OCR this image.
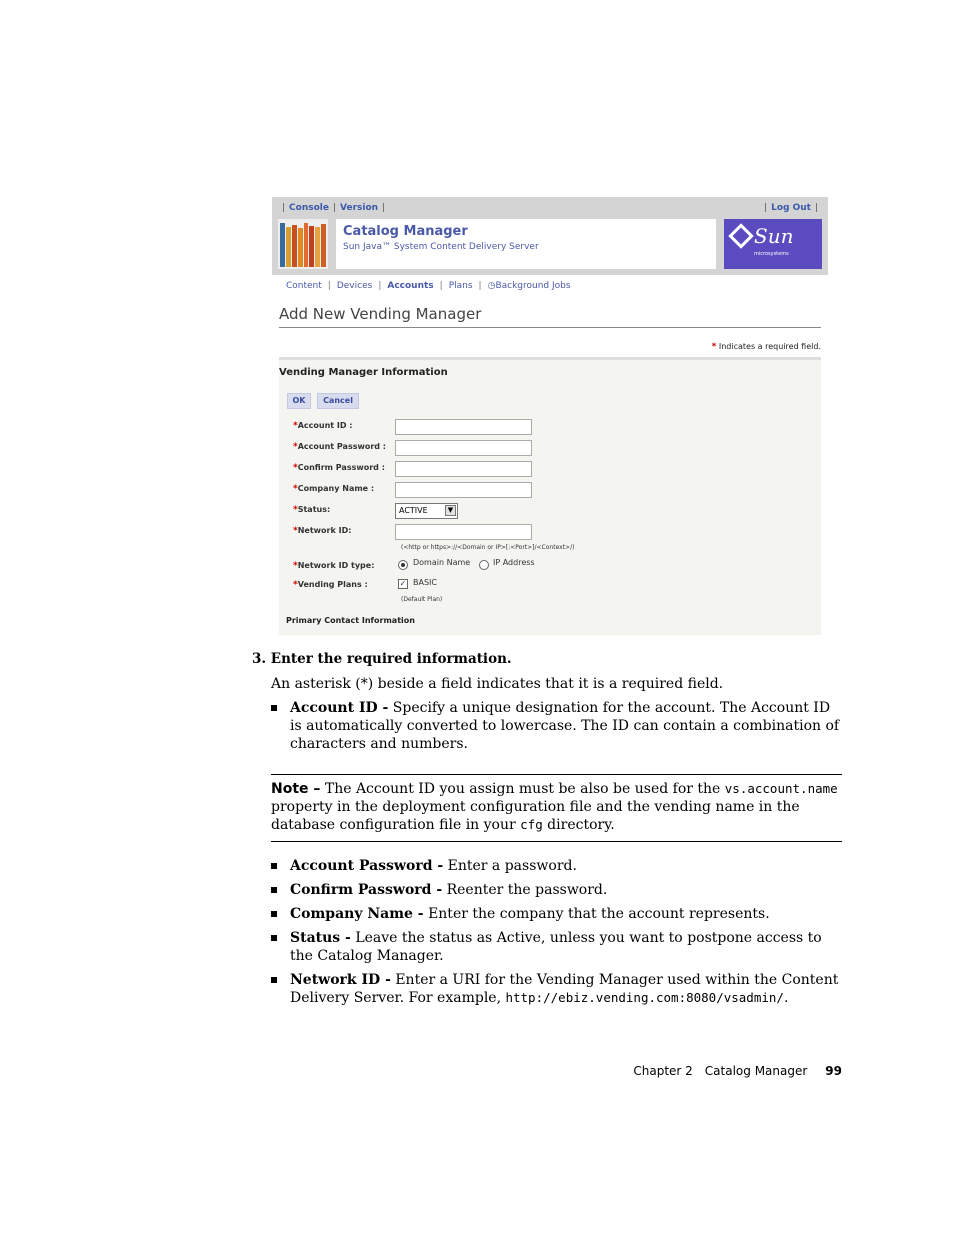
| Console | Version |	| Log Out |
Catalog Manager
Sun Java™ System Content Delivery Server	Sun
microsystems
Content | Devices | Accounts | Plans | ◷Background Jobs
Add New Vending Manager
* Indicates a required field.
Vending Manager Information
OK	Cancel
*Account ID :
*Account Password :
*Confirm Password :
*Company Name :
*Status:	ACTIVE	▼
*Network ID:
(<http or https>://<Domain or IP>[:<Port>]/<Context>/)
*Network ID type:	Domain Name	IP Address
*Vending Plans :	✓ BASIC
(Default Plan)
Primary Contact Information
3. Enter the required information.
An asterisk (*) beside a field indicates that it is a required field.
Account ID - Specify a unique designation for the account. The Account ID is automatically converted to lowercase. The ID can contain a combination of characters and numbers.
Note – The Account ID you assign must be also be used for the vs.account.name property in the deployment configuration file and the vending name in the database configuration file in your cfg directory.
Account Password - Enter a password.
Confirm Password - Reenter the password.
Company Name - Enter the company that the account represents.
Status - Leave the status as Active, unless you want to postpone access to the Catalog Manager.
Network ID - Enter a URI for the Vending Manager used within the Content Delivery Server. For example, http://ebiz.vending.com:8080/vsadmin/.
Chapter 2 Catalog Manager 99
